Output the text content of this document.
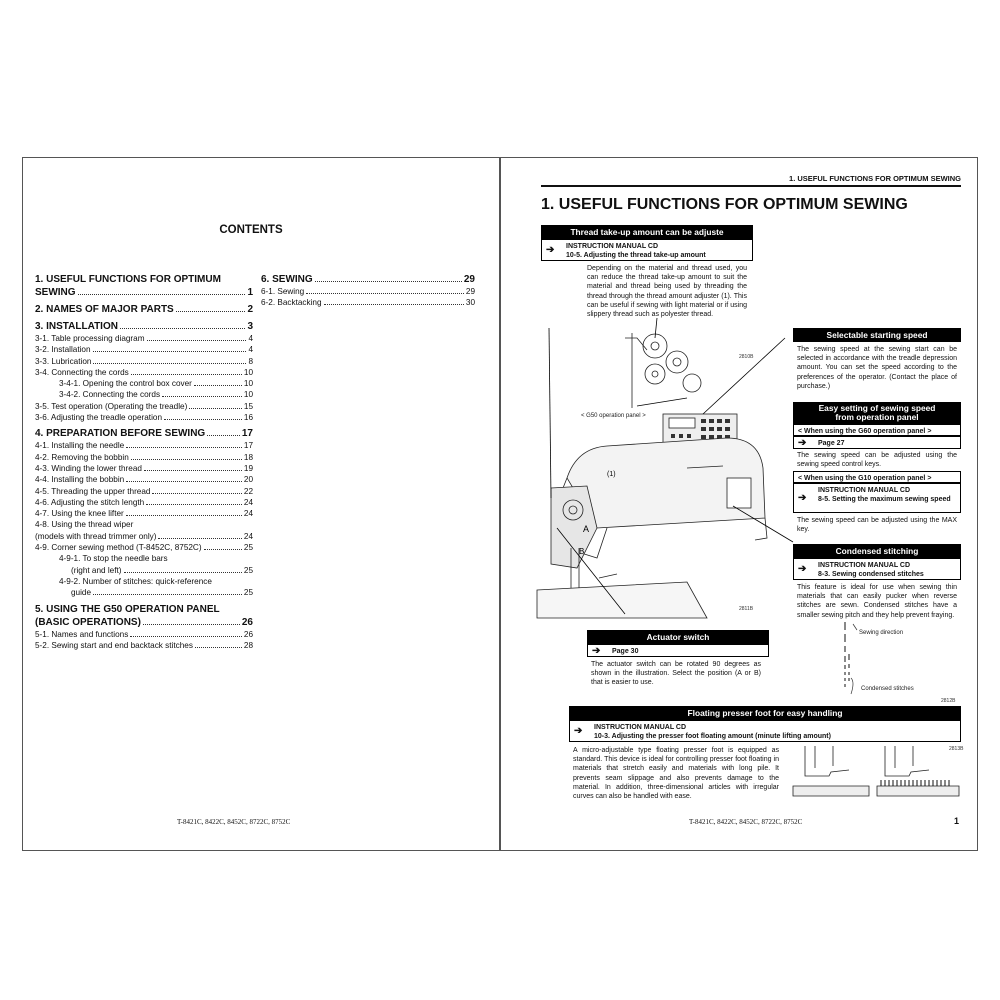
CONTENTS
1. USEFUL FUNCTIONS FOR OPTIMUM
SEWING	1
2. NAMES OF MAJOR PARTS	2
3. INSTALLATION	3
3-1. Table processing diagram	4
3-2. Installation	4
3-3. Lubrication	8
3-4. Connecting the cords	10
3-4-1. Opening the control box cover	10
3-4-2. Connecting the cords	10
3-5. Test operation (Operating the treadle)	15
3-6. Adjusting the treadle operation	16
4. PREPARATION BEFORE SEWING	17
4-1. Installing the needle	17
4-2. Removing the bobbin	18
4-3. Winding the lower thread	19
4-4. Installing the bobbin	20
4-5. Threading the upper thread	22
4-6. Adjusting the stitch length	24
4-7. Using the knee lifter	24
4-8. Using the thread wiper
(models with thread trimmer only)	24
4-9. Corner sewing method (T-8452C, 8752C)	25
4-9-1. To stop the needle bars
(right and left)	25
4-9-2. Number of stitches: quick-reference
guide	25
5. USING THE G50 OPERATION PANEL
(BASIC OPERATIONS)	26
5-1. Names and functions	26
5-2. Sewing start and end backtack stitches	28
6. SEWING	29
6-1. Sewing	29
6-2. Backtacking	30
T-8421C, 8422C, 8452C, 8722C, 8752C
1. USEFUL FUNCTIONS FOR OPTIMUM SEWING
1. USEFUL FUNCTIONS FOR OPTIMUM SEWING
Thread take-up amount can be adjuste
➔ INSTRUCTION MANUAL CD
10-5. Adjusting the thread take-up amount
Depending on the material and thread used, you can reduce the thread take-up amount to suit the material and thread being used by threading the thread through the thread amount adjuster (1). This can be useful if sewing with light material or if using slippery thread such as polyester thread.
Selectable starting speed
The sewing speed at the sewing start can be selected in accordance with the treadle depression amount. You can set the speed according to the preferences of the operator. (Contact the place of purchase.)
Easy setting of sewing speed
from operation panel
< When using the G60 operation panel >
➔ Page 27
The sewing speed can be adjusted using the sewing speed control keys.
< When using the G10 operation panel >
➔
INSTRUCTION MANUAL CD
8-5. Setting the maximum sewing speed
The sewing speed can be adjusted using the MAX key.
Condensed stitching
➔ INSTRUCTION MANUAL CD
8-3. Sewing condensed stitches
This feature is ideal for use when sewing thin materials that can easily pucker when reverse stitches are sewn. Condensed stitches have a smaller sewing pitch and they help prevent fraying.
Actuator switch
➔ Page 30
The actuator switch can be rotated 90 degrees as shown in the illustration. Select the position (A or B) that is easier to use.
Floating presser foot for easy handling
➔ INSTRUCTION MANUAL CD
10-3. Adjusting the presser foot floating amount (minute lifting amount)
A micro-adjustable type floating presser foot is equipped as standard. This device is ideal for controlling presser foot floating in materials that stretch easily and materials with long pile. It prevents seam slippage and also prevents damage to the material. In addition, three-dimensional articles with irregular curves can also be handled with ease.
(1)
A
B
< G50 operation panel >
2810B
2811B
Sewing direction
Condensed stitches
2812B
2813B
T-8421C, 8422C, 8452C, 8722C, 8752C	1
